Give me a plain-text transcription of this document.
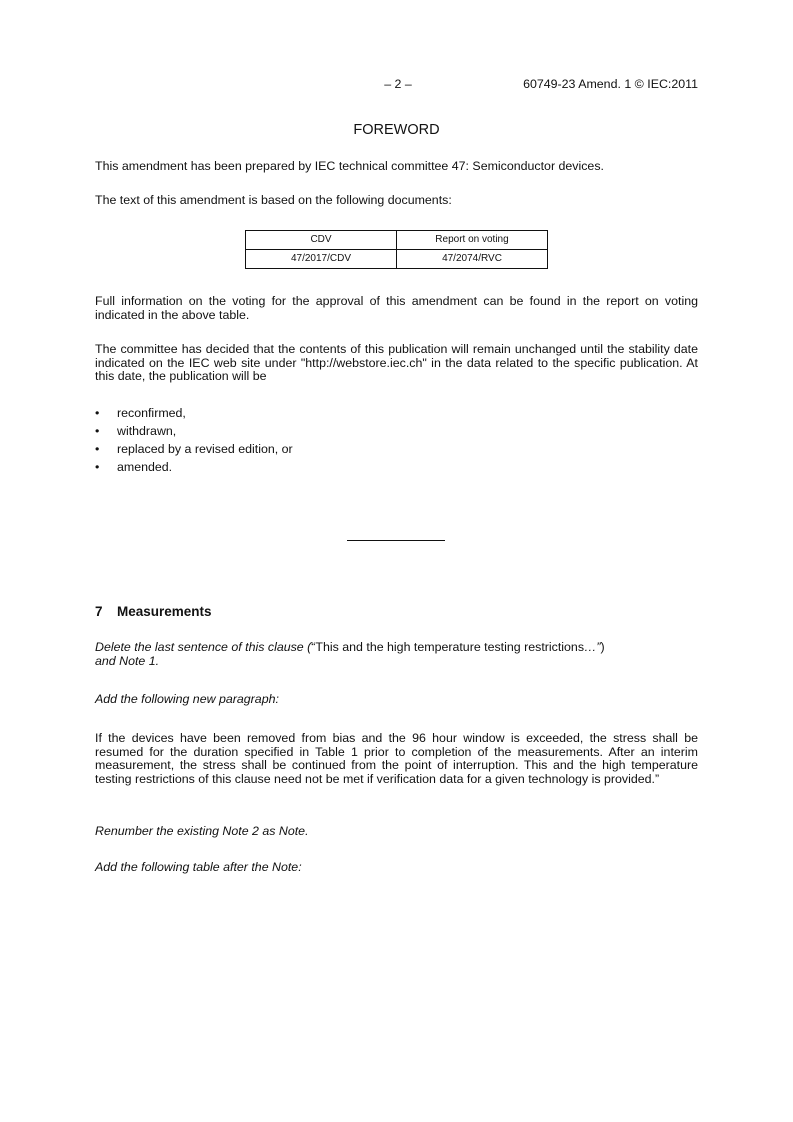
– 2 –	60749-23 Amend. 1 © IEC:2011
FOREWORD
This amendment has been prepared by IEC technical committee 47: Semiconductor devices.
The text of this amendment is based on the following documents:
CDV	Report on voting
47/2017/CDV	47/2074/RVC
Full information on the voting for the approval of this amendment can be found in the report on voting indicated in the above table.
The committee has decided that the contents of this publication will remain unchanged until the stability date indicated on the IEC web site under "http://webstore.iec.ch" in the data related to the specific publication. At this date, the publication will be
• reconfirmed,
• withdrawn,
• replaced by a revised edition, or
• amended.
7 Measurements
Delete the last sentence of this clause (“This and the high temperature testing restrictions…”)
and Note 1.
Add the following new paragraph:
If the devices have been removed from bias and the 96 hour window is exceeded, the stress shall be resumed for the duration specified in Table 1 prior to completion of the measurements. After an interim measurement, the stress shall be continued from the point of interruption. This and the high temperature testing restrictions of this clause need not be met if verification data for a given technology is provided.”
Renumber the existing Note 2 as Note.
Add the following table after the Note:
